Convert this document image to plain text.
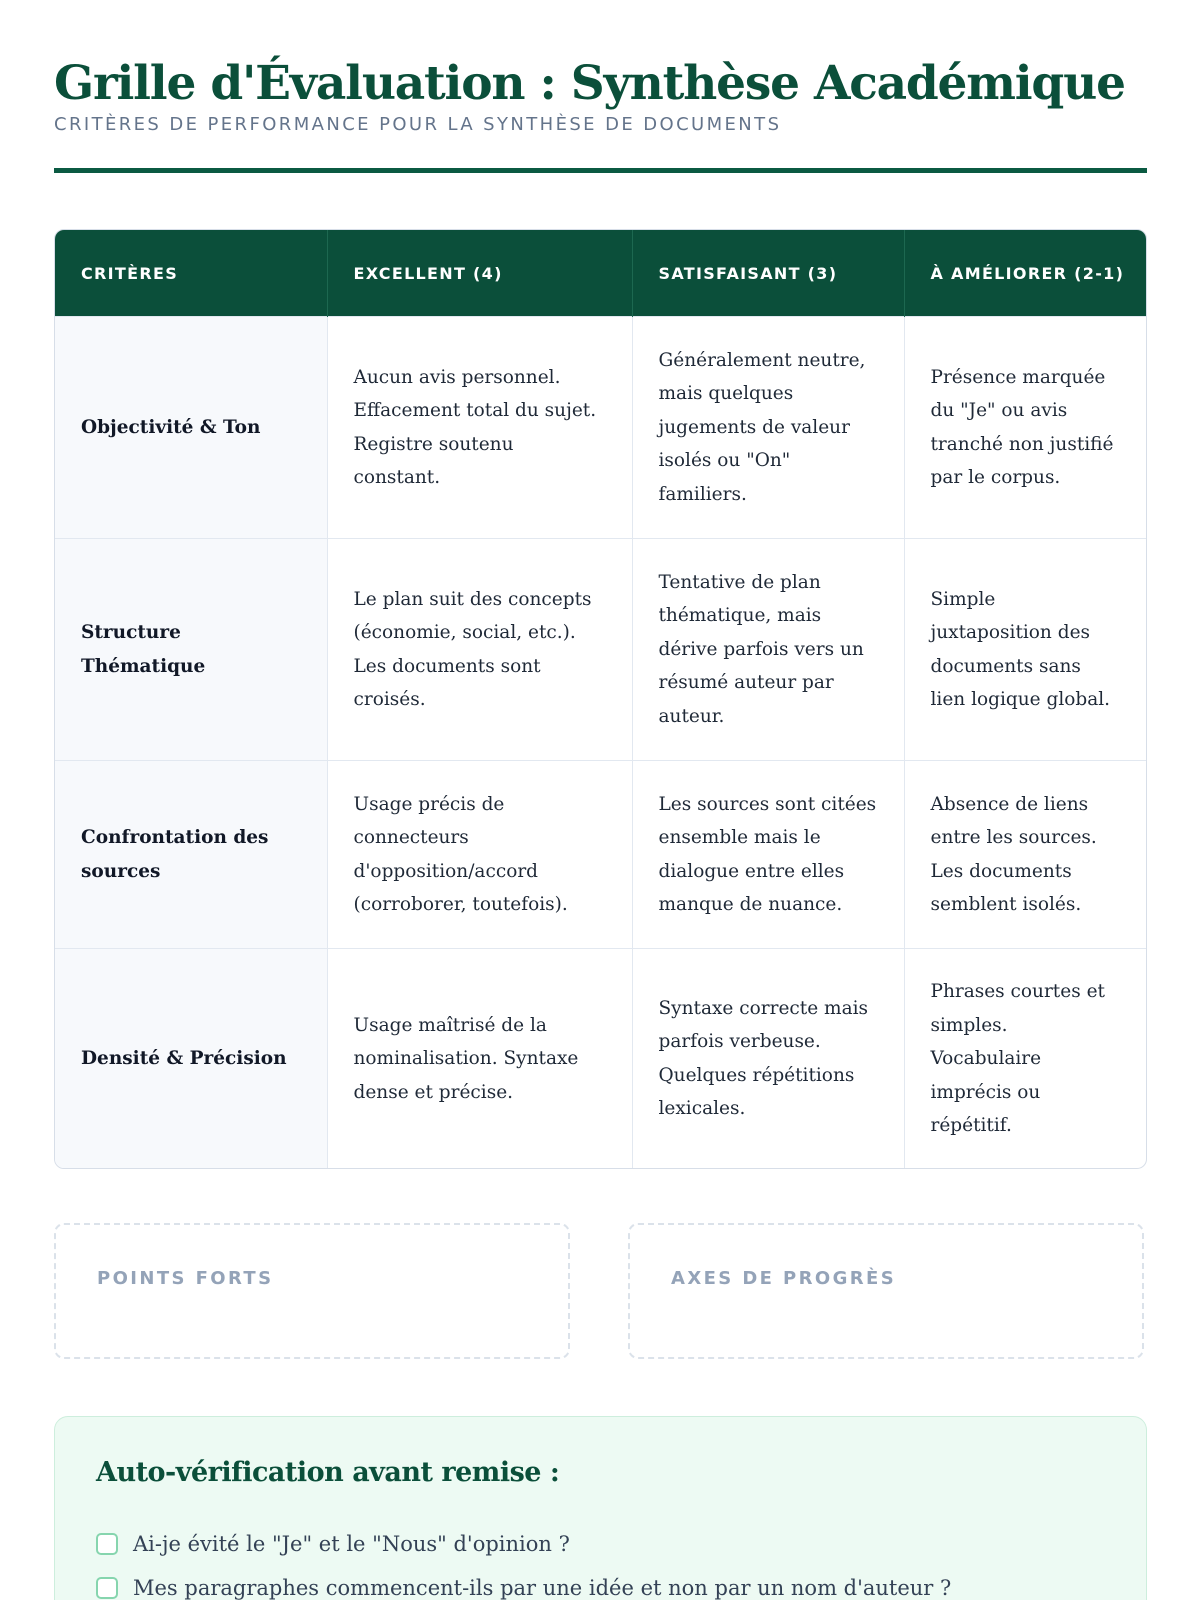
Grille d'Évaluation : Synthèse Académique
CRITÈRES DE PERFORMANCE POUR LA SYNTHÈSE DE DOCUMENTS
CRITÈRES	EXCELLENT (4)	SATISFAISANT (3)	À AMÉLIORER (2-1)
Objectivité & Ton	Aucun avis personnel. Effacement total du sujet. Registre soutenu constant.	Généralement neutre, mais quelques jugements de valeur isolés ou "On" familiers.	Présence marquée du "Je" ou avis tranché non justifié par le corpus.
Structure Thématique	Le plan suit des concepts (économie, social, etc.). Les documents sont croisés.	Tentative de plan thématique, mais dérive parfois vers un résumé auteur par auteur.	Simple juxtaposition des documents sans lien logique global.
Confrontation des sources	Usage précis de connecteurs d'opposition/accord (corroborer, toutefois).	Les sources sont citées ensemble mais le dialogue entre elles manque de nuance.	Absence de liens entre les sources. Les documents semblent isolés.
Densité & Précision	Usage maîtrisé de la nominalisation. Syntaxe dense et précise.	Syntaxe correcte mais parfois verbeuse. Quelques répétitions lexicales.	Phrases courtes et simples. Vocabulaire imprécis ou répétitif.
POINTS FORTS	AXES DE PROGRÈS
Auto-vérification avant remise :
Ai-je évité le "Je" et le "Nous" d'opinion ?
Mes paragraphes commencent-ils par une idée et non par un nom d'auteur ?
